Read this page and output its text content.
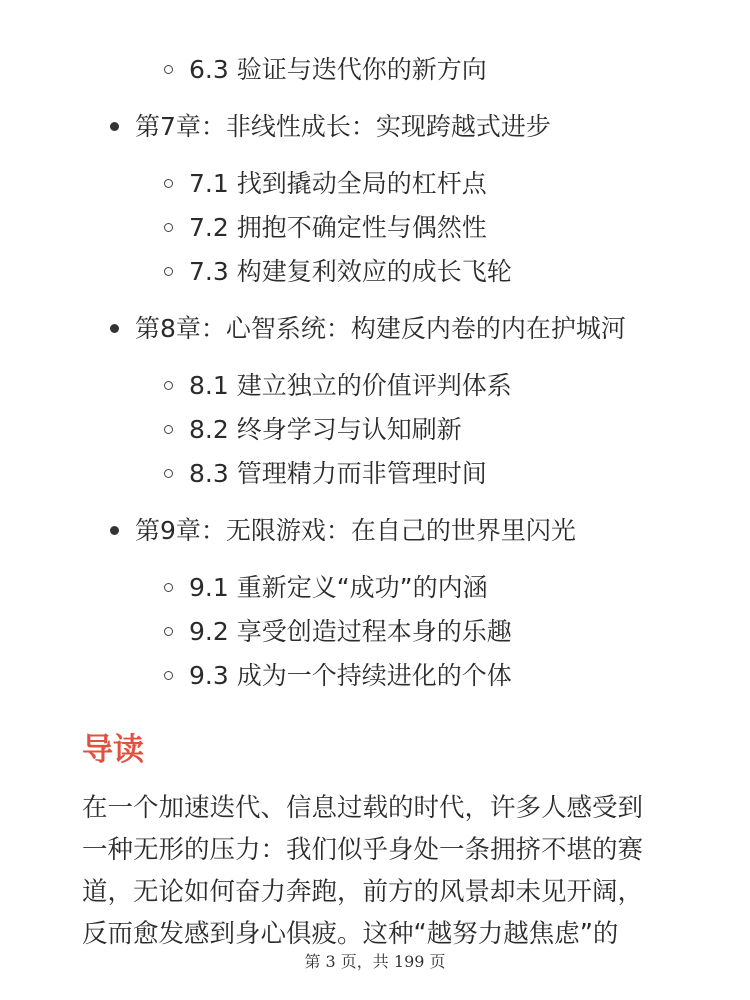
6.3 验证与迭代你的新方向
第7章：非线性成长：实现跨越式进步
7.1 找到撬动全局的杠杆点
7.2 拥抱不确定性与偶然性
7.3 构建复利效应的成长飞轮
第8章：心智系统：构建反内卷的内在护城河
8.1 建立独立的价值评判体系
8.2 终身学习与认知刷新
8.3 管理精力而非管理时间
第9章：无限游戏：在自己的世界里闪光
9.1 重新定义“成功”的内涵
9.2 享受创造过程本身的乐趣
9.3 成为一个持续进化的个体
导读
在一个加速迭代、信息过载的时代，许多人感受到
一种无形的压力：我们似乎身处一条拥挤不堪的赛
道，无论如何奋力奔跑，前方的风景却未见开阔，
反而愈发感到身心俱疲。这种“越努力越焦虑”的
第 3 页，共 199 页
